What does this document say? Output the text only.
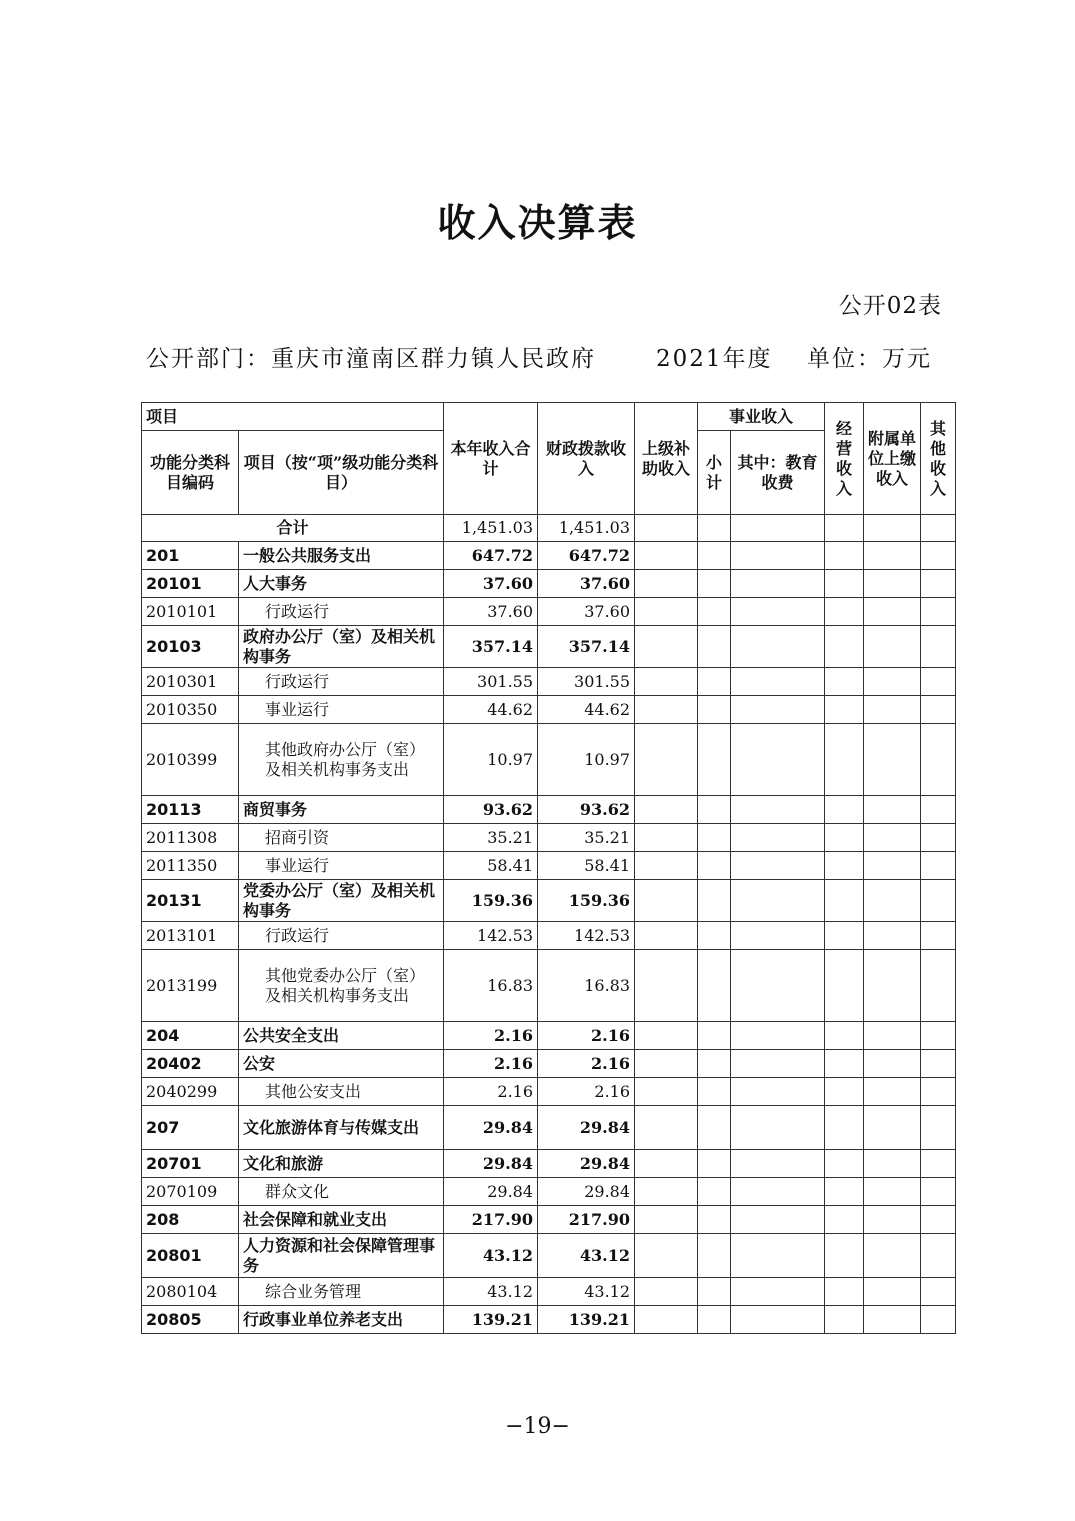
收入决算表
公开02表
公开部门：重庆市潼南区群力镇人民政府	2021年度 单位：万元
项目		本年收入合计	财政拨款收入	上级补助收入	事业收入		经营收入	附属单位上缴收入	其他收入
功能分类科目编码	项目（按“项”级功能分类科目）				小计	其中：教育收费			

合计		1,451.03	1,451.03						
201	一般公共服务支出	647.72	647.72						
20101	人大事务	37.60	37.60						
2010101	行政运行	37.60	37.60						
20103	政府办公厅（室）及相关机构事务	357.14	357.14						
2010301	行政运行	301.55	301.55						
2010350	事业运行	44.62	44.62						
2010399	其他政府办公厅（室）及相关机构事务支出	10.97	10.97						
20113	商贸事务	93.62	93.62						
2011308	招商引资	35.21	35.21						
2011350	事业运行	58.41	58.41						
20131	党委办公厅（室）及相关机构事务	159.36	159.36						
2013101	行政运行	142.53	142.53						
2013199	其他党委办公厅（室）及相关机构事务支出	16.83	16.83						
204	公共安全支出	2.16	2.16						
20402	公安	2.16	2.16						
2040299	其他公安支出	2.16	2.16						
207	文化旅游体育与传媒支出	29.84	29.84						
20701	文化和旅游	29.84	29.84						
2070109	群众文化	29.84	29.84						
208	社会保障和就业支出	217.90	217.90						
20801	人力资源和社会保障管理事务	43.12	43.12						
2080104	综合业务管理	43.12	43.12						
20805	行政事业单位养老支出	139.21	139.21						
−19−
